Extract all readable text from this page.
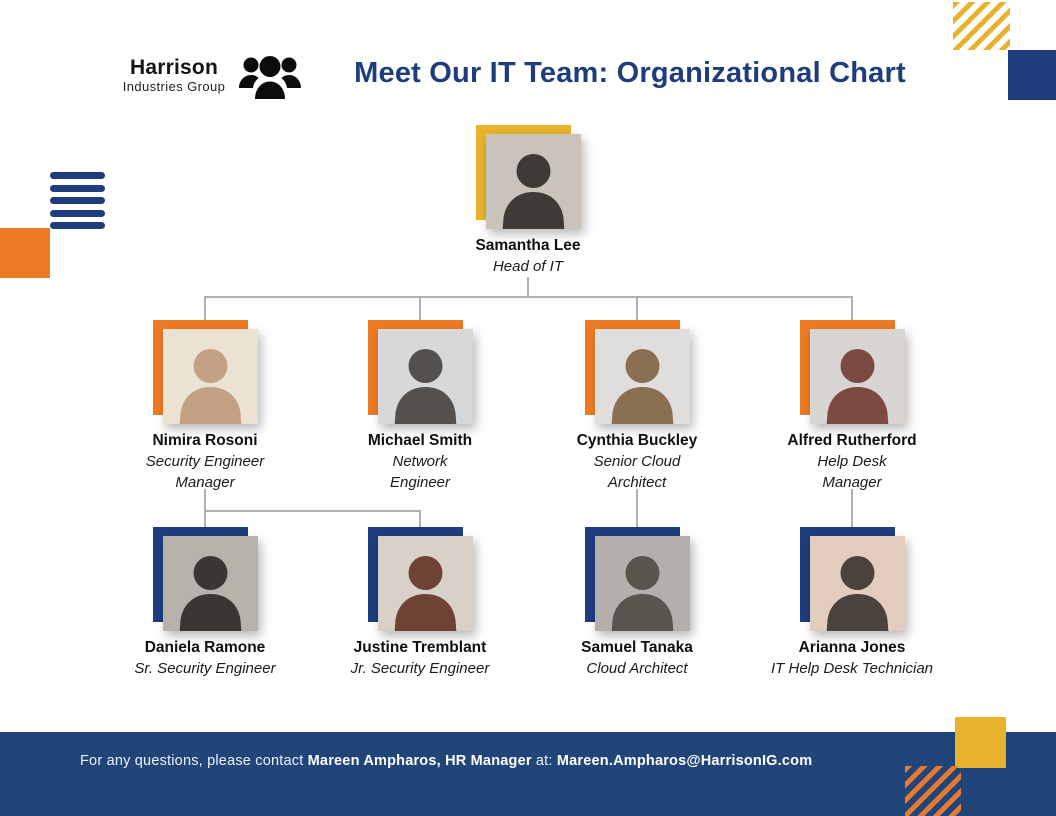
Harrison
Industries Group	Meet Our IT Team: Organizational Chart
Samantha Lee
Head of IT
Nimira Rosoni
Security Engineer
Manager
Michael Smith
Network
Engineer
Cynthia Buckley
Senior Cloud
Architect
Alfred Rutherford
Help Desk
Manager
Daniela Ramone
Sr. Security Engineer
Justine Tremblant
Jr. Security Engineer
Samuel Tanaka
Cloud Architect
Arianna Jones
IT Help Desk Technician
For any questions, please contact Mareen Ampharos, HR Manager at: Mareen.Ampharos@HarrisonIG.com
